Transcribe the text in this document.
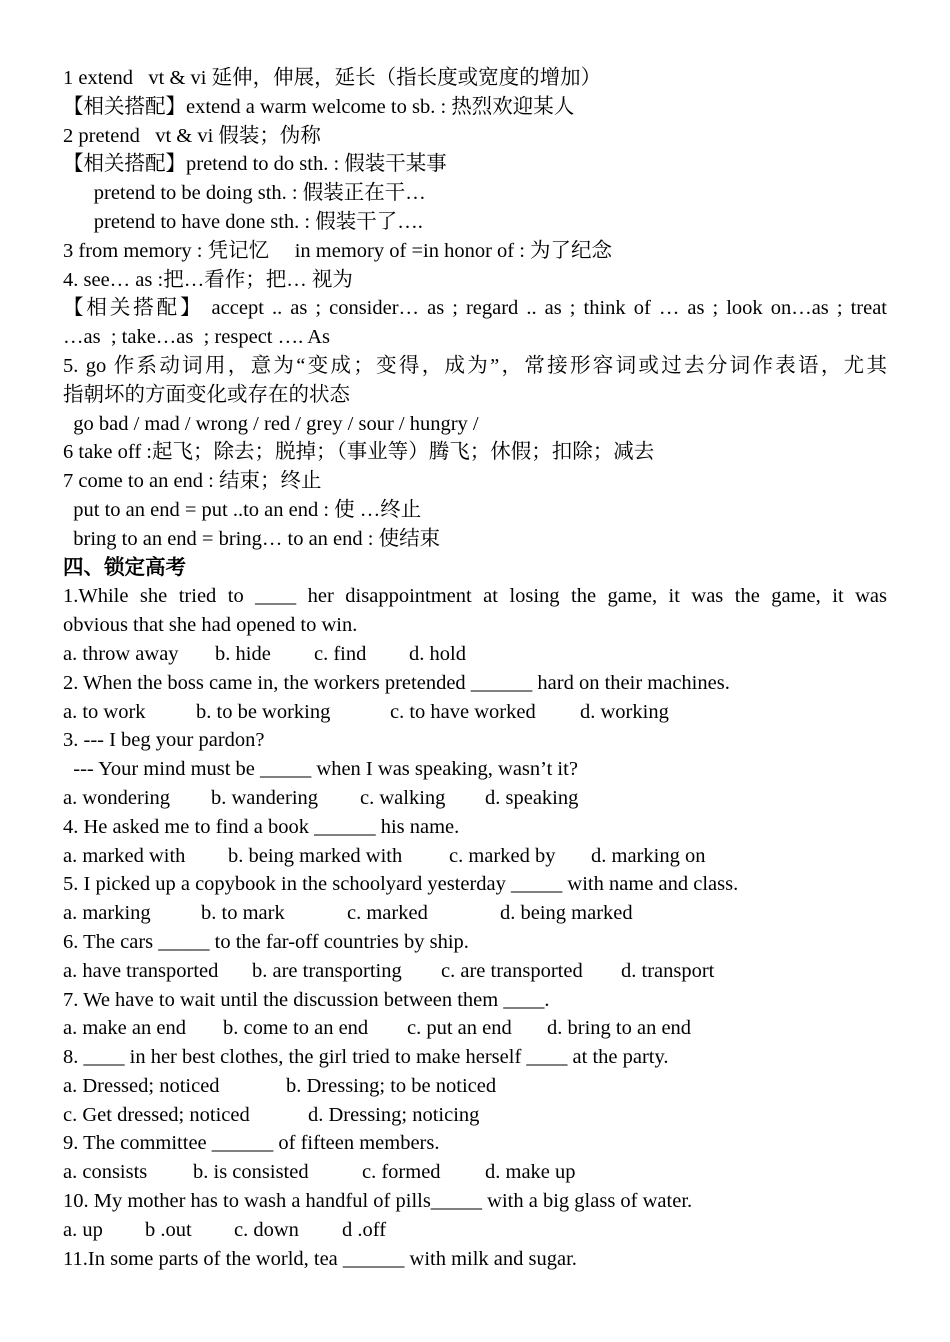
1 extend   vt & vi 延伸，伸展，延长（指长度或宽度的增加）
【相关搭配】extend a warm welcome to sb. : 热烈欢迎某人
2 pretend   vt & vi 假装；伪称
【相关搭配】pretend to do sth. : 假装干某事
pretend to be doing sth. : 假装正在干…
pretend to have done sth. : 假装干了….
3 from memory : 凭记忆     in memory of =in honor of : 为了纪念
4. see… as :把…看作；把… 视为
【相关搭配】 accept .. as ; consider… as ; regard .. as ; think of … as ; look on…as ; treat
…as  ; take…as  ; respect …. As
5. go 作系动词用，意为“变成；变得，成为”，常接形容词或过去分词作表语，尤其
指朝坏的方面变化或存在的状态
go bad / mad / wrong / red / grey / sour / hungry /
6 take off :起飞；除去；脱掉；（事业等）腾飞；休假；扣除；减去
7 come to an end : 结束；终止
put to an end = put ..to an end : 使 …终止
bring to an end = bring… to an end : 使结束
四、锁定高考
1.While she tried to ____ her disappointment at losing the game, it was the game, it was
obvious that she had opened to win.
a. throw away	b. hide	c. find	d. hold
2. When the boss came in, the workers pretended ______ hard on their machines.
a. to work	b. to be working	c. to have worked	d. working
3. --- I beg your pardon?
--- Your mind must be _____ when I was speaking, wasn’t it?
a. wondering	b. wandering	c. walking	d. speaking
4. He asked me to find a book ______ his name.
a. marked with	b. being marked with	c. marked by	d. marking on
5. I picked up a copybook in the schoolyard yesterday _____ with name and class.
a. marking	b. to mark	c. marked	d. being marked
6. The cars _____ to the far-off countries by ship.
a. have transported	b. are transporting	c. are transported	d. transport
7. We have to wait until the discussion between them ____.
a. make an end	b. come to an end	c. put an end	d. bring to an end
8. ____ in her best clothes, the girl tried to make herself ____ at the party.
a. Dressed; noticed	b. Dressing; to be noticed
c. Get dressed; noticed	d. Dressing; noticing
9. The committee ______ of fifteen members.
a. consists	b. is consisted	c. formed	d. make up
10. My mother has to wash a handful of pills_____ with a big glass of water.
a. up	b .out	c. down	d .off
11.In some parts of the world, tea ______ with milk and sugar.
